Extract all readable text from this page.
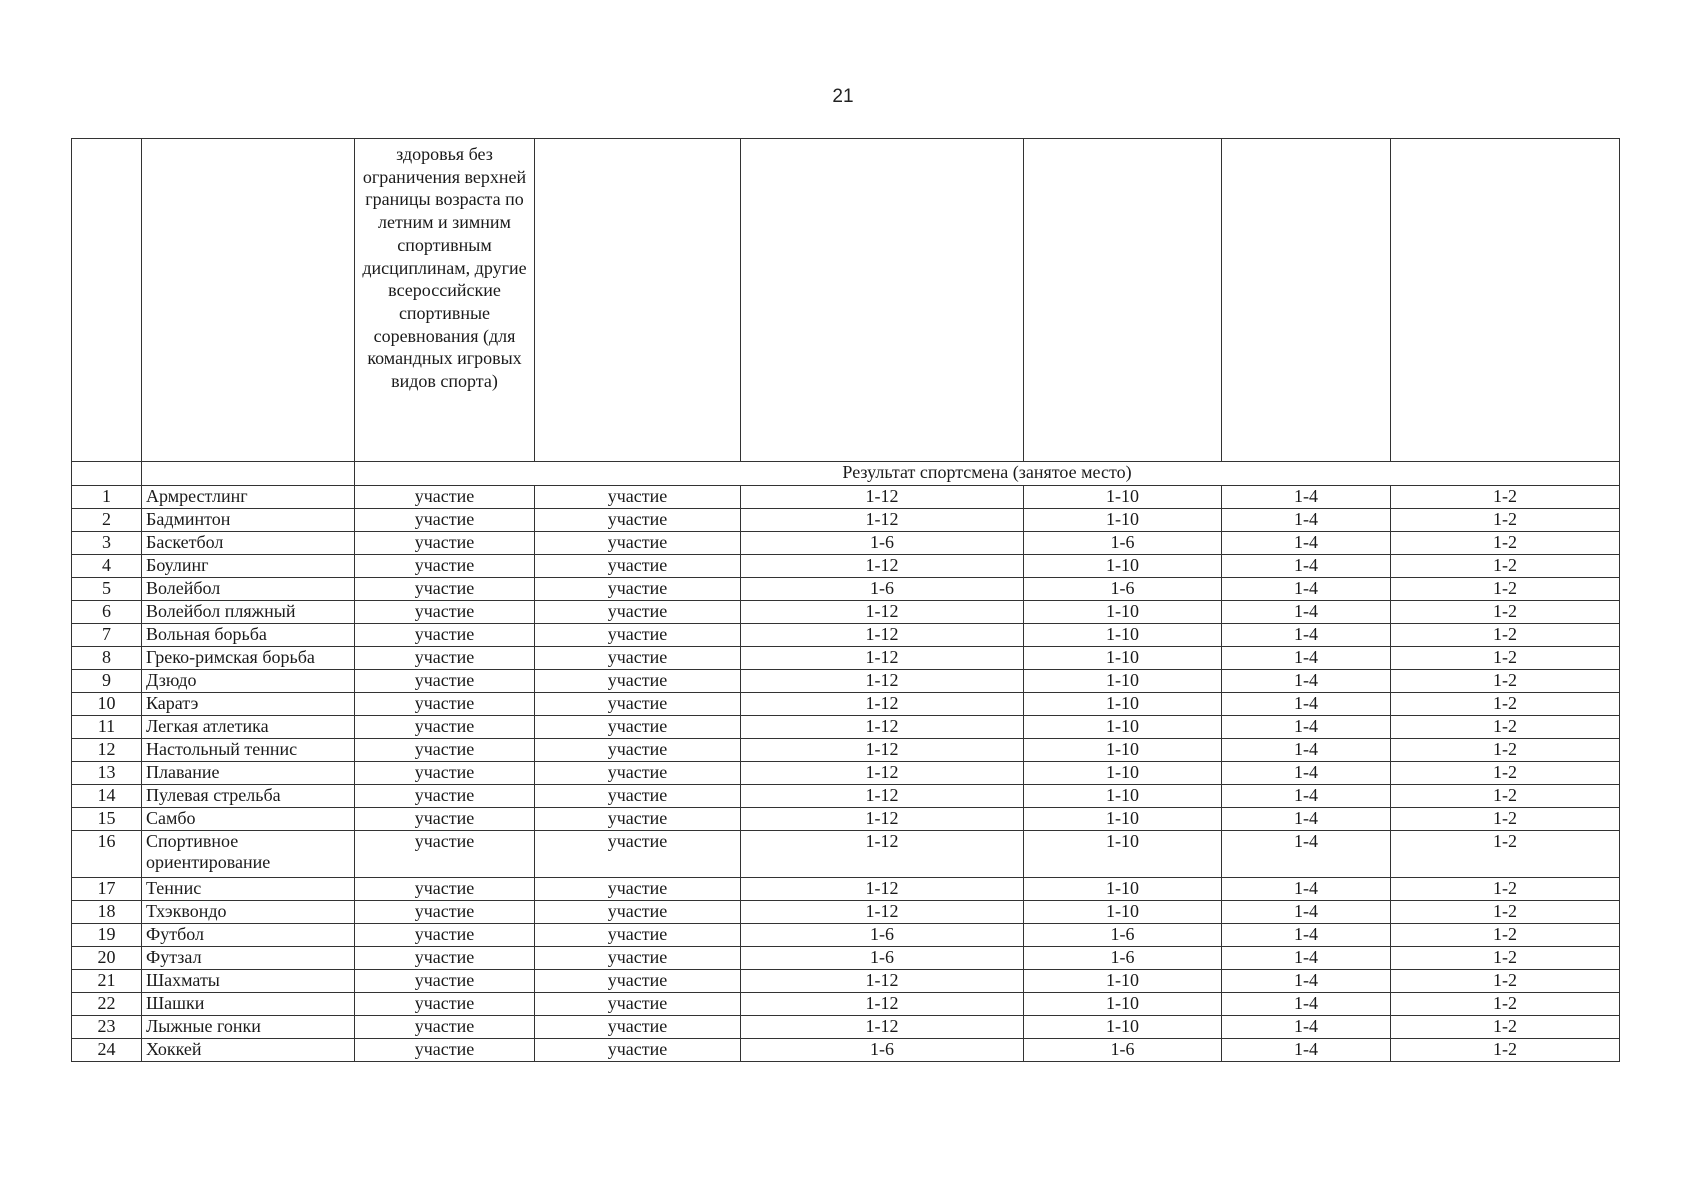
21
		здоровья без ограничения верхней границы возраста по летним и зимним спортивным дисциплинам, другие всероссийские спортивные соревнования (для командных игровых видов спорта)					
		Результат спортсмена (занятое место)					
1	Армрестлинг	участие	участие	1-12	1-10	1-4	1-2
2	Бадминтон	участие	участие	1-12	1-10	1-4	1-2
3	Баскетбол	участие	участие	1-6	1-6	1-4	1-2
4	Боулинг	участие	участие	1-12	1-10	1-4	1-2
5	Волейбол	участие	участие	1-6	1-6	1-4	1-2
6	Волейбол пляжный	участие	участие	1-12	1-10	1-4	1-2
7	Вольная борьба	участие	участие	1-12	1-10	1-4	1-2
8	Греко-римская борьба	участие	участие	1-12	1-10	1-4	1-2
9	Дзюдо	участие	участие	1-12	1-10	1-4	1-2
10	Каратэ	участие	участие	1-12	1-10	1-4	1-2
11	Легкая атлетика	участие	участие	1-12	1-10	1-4	1-2
12	Настольный теннис	участие	участие	1-12	1-10	1-4	1-2
13	Плавание	участие	участие	1-12	1-10	1-4	1-2
14	Пулевая стрельба	участие	участие	1-12	1-10	1-4	1-2
15	Самбо	участие	участие	1-12	1-10	1-4	1-2
16	Спортивное ориентирование	участие	участие	1-12	1-10	1-4	1-2
17	Теннис	участие	участие	1-12	1-10	1-4	1-2
18	Тхэквондо	участие	участие	1-12	1-10	1-4	1-2
19	Футбол	участие	участие	1-6	1-6	1-4	1-2
20	Футзал	участие	участие	1-6	1-6	1-4	1-2
21	Шахматы	участие	участие	1-12	1-10	1-4	1-2
22	Шашки	участие	участие	1-12	1-10	1-4	1-2
23	Лыжные гонки	участие	участие	1-12	1-10	1-4	1-2
24	Хоккей	участие	участие	1-6	1-6	1-4	1-2
